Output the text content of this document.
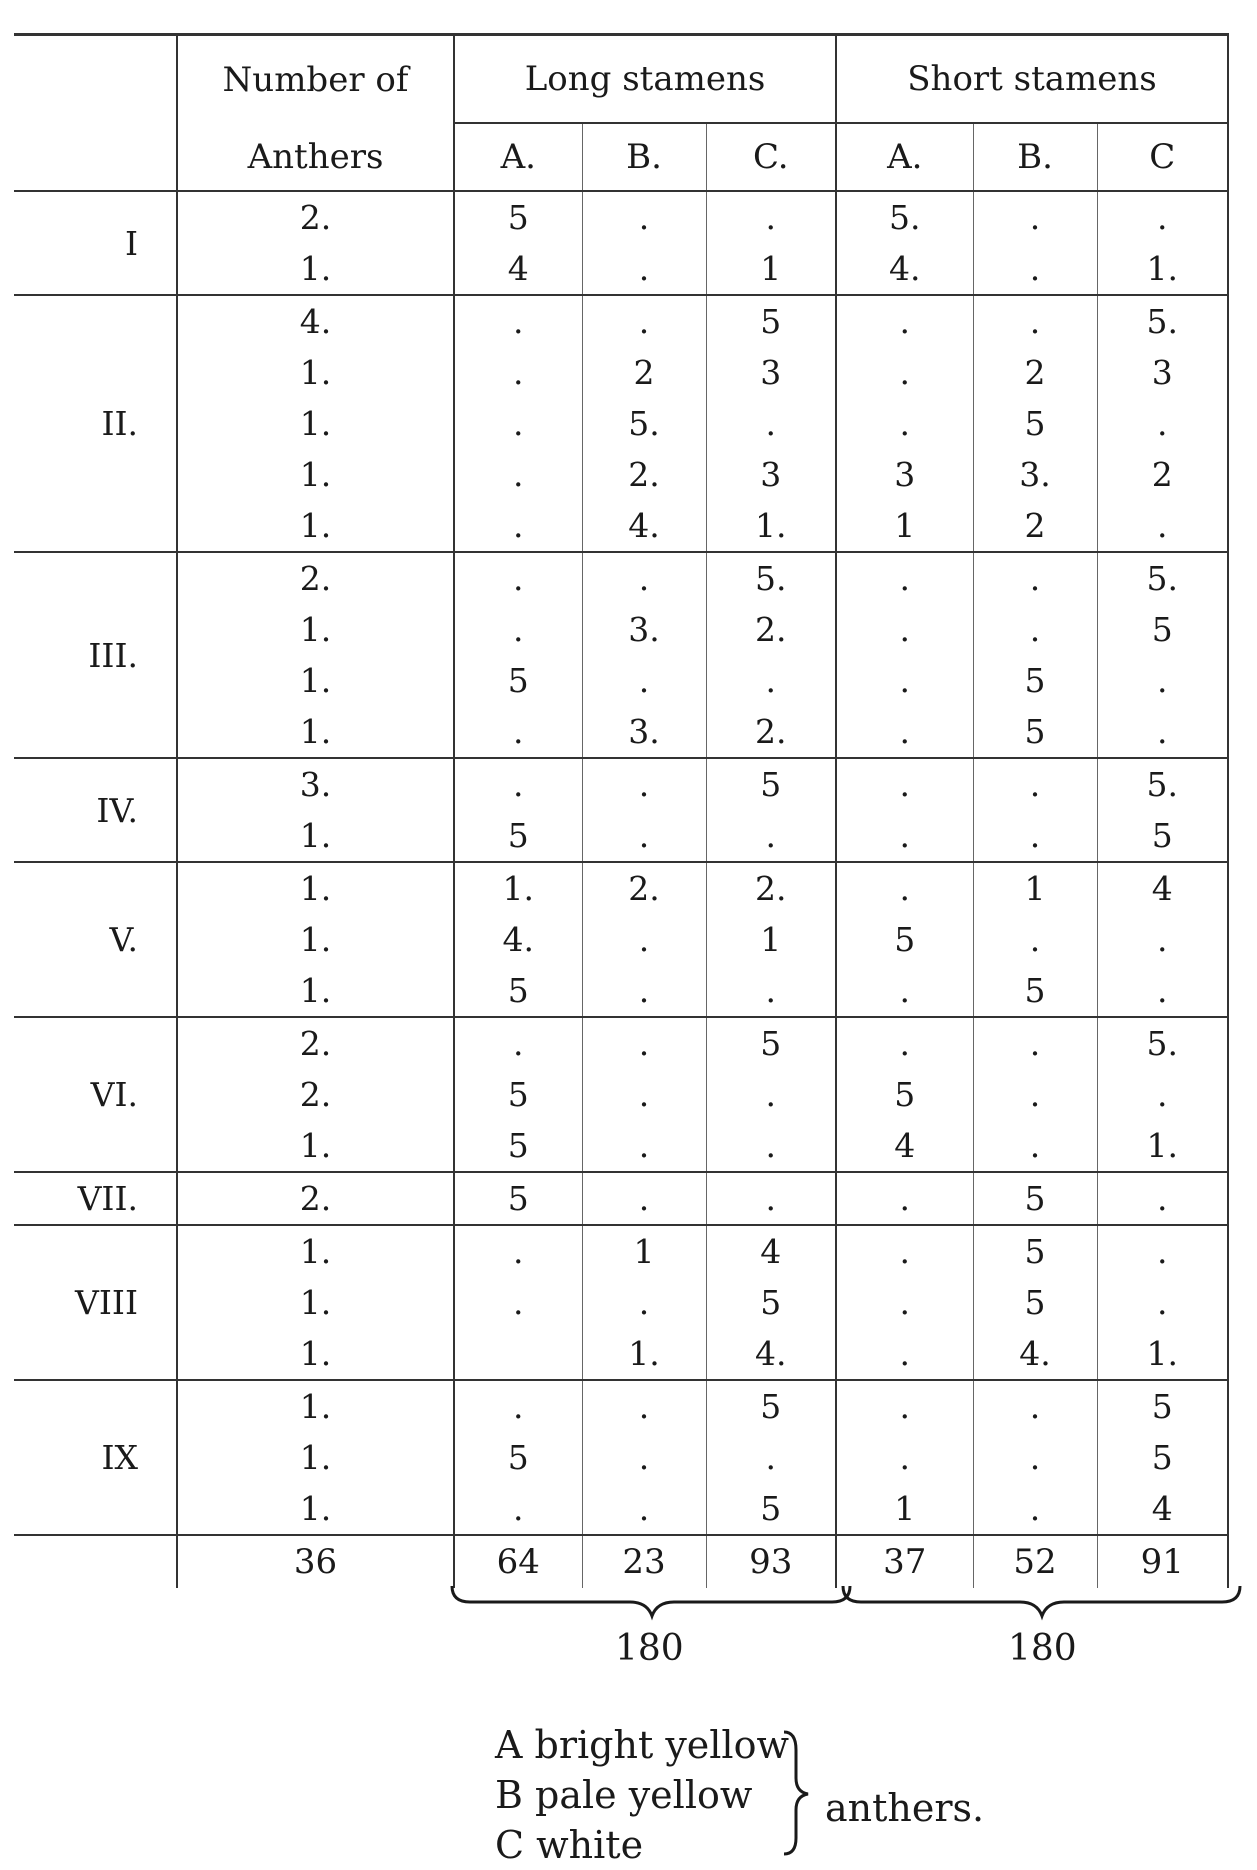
	Number of	Long stamens			Short stamens		
	Anthers	A.	B.	C.	A.	B.	C
I	2.	5	.	.	5.	.	.
	1.	4	.	1	4.	.	1.
II.	4.	.	.	5	.	.	5.
	1.	.	2	3	.	2	3
	1.	.	5.	.	.	5	.
	1.	.	2.	3	3	3.	2
	1.	.	4.	1.	1	2	.
III.	2.	.	.	5.	.	.	5.
	1.	.	3.	2.	.	.	5
	1.	5	.	.	.	5	.
	1.	.	3.	2.	.	5	.
IV.	3.	.	.	5	.	.	5.
	1.	5	.	.	.	.	5
V.	1.	1.	2.	2.	.	1	4
	1.	4.	.	1	5	.	.
	1.	5	.	.	.	5	.
VI.	2.	.	.	5	.	.	5.
	2.	5	.	.	5	.	.
	1.	5	.	.	4	.	1.
VII.	2.	5	.	.	.	5	.
VIII	1.	.	1	4	.	5	.
	1.	.	.	5	.	5	.
	1.		1.	4.	.	4.	1.
IX	1.	.	.	5	.	.	5
	1.	5	.	.	.	.	5
	1.	.	.	5	1	.	4
	36	64	23	93	37	52	91
180	180
A bright yellow
B pale yellow
C white
anthers.
